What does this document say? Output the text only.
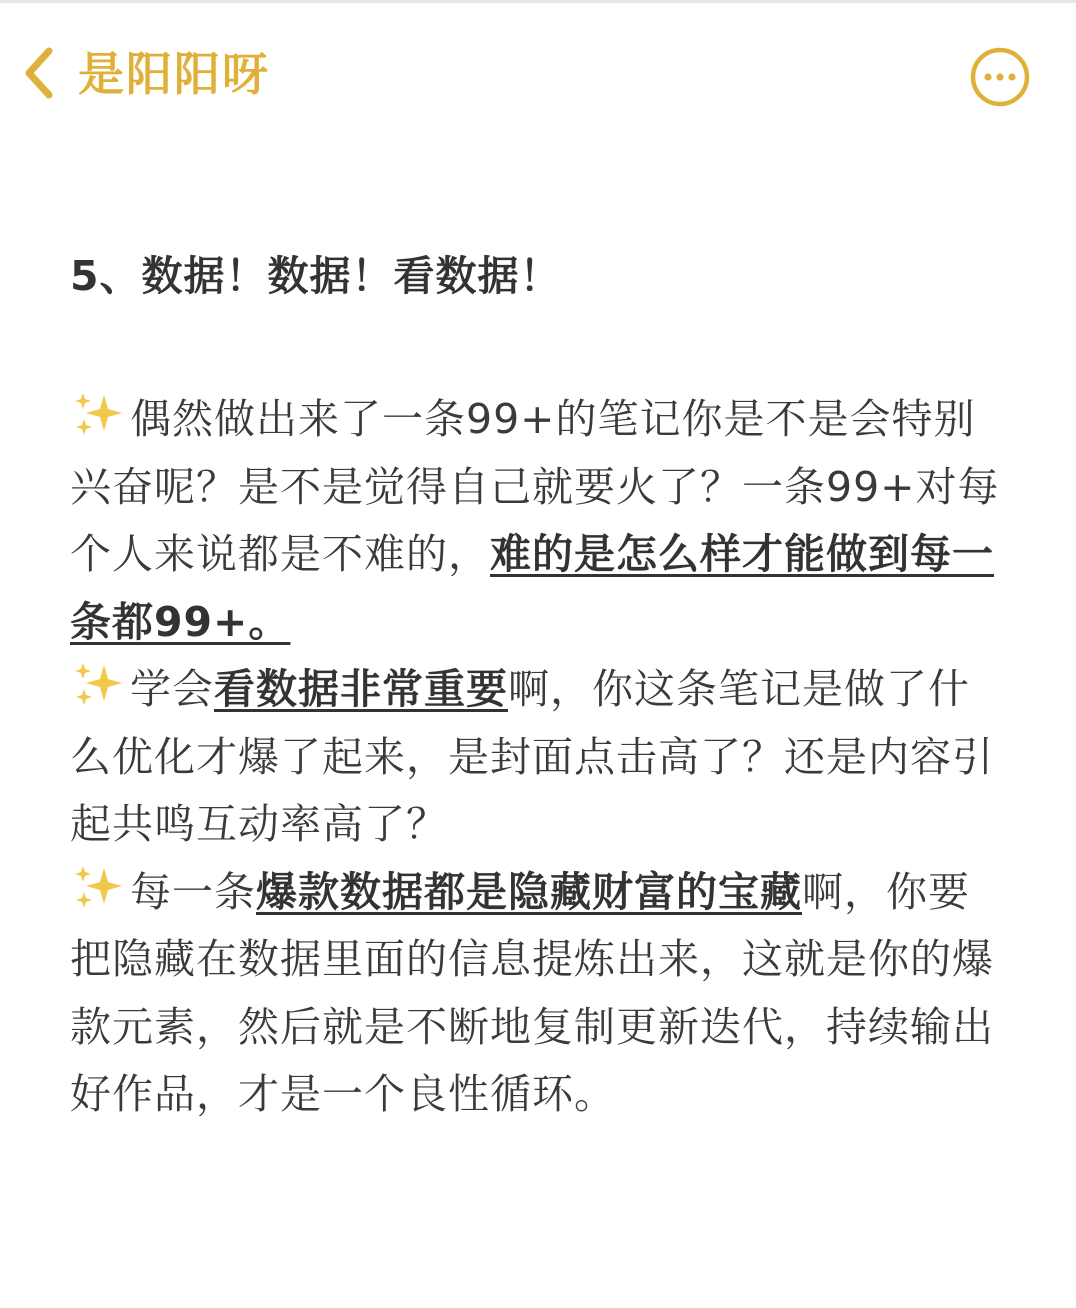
是阳阳呀
5、数据！数据！看数据！

偶然做出来了一条99+的笔记你是不是会特别兴奋呢？是不是觉得自己就要火了？一条99+对每个人来说都是不难的，难的是怎么样才能做到每一条都99+。

学会看数据非常重要啊，你这条笔记是做了什么优化才爆了起来，是封面点击高了？还是内容引起共鸣互动率高了？

每一条爆款数据都是隐藏财富的宝藏啊，你要把隐藏在数据里面的信息提炼出来，这就是你的爆款元素，然后就是不断地复制更新迭代，持续输出好作品，才是一个良性循环。
